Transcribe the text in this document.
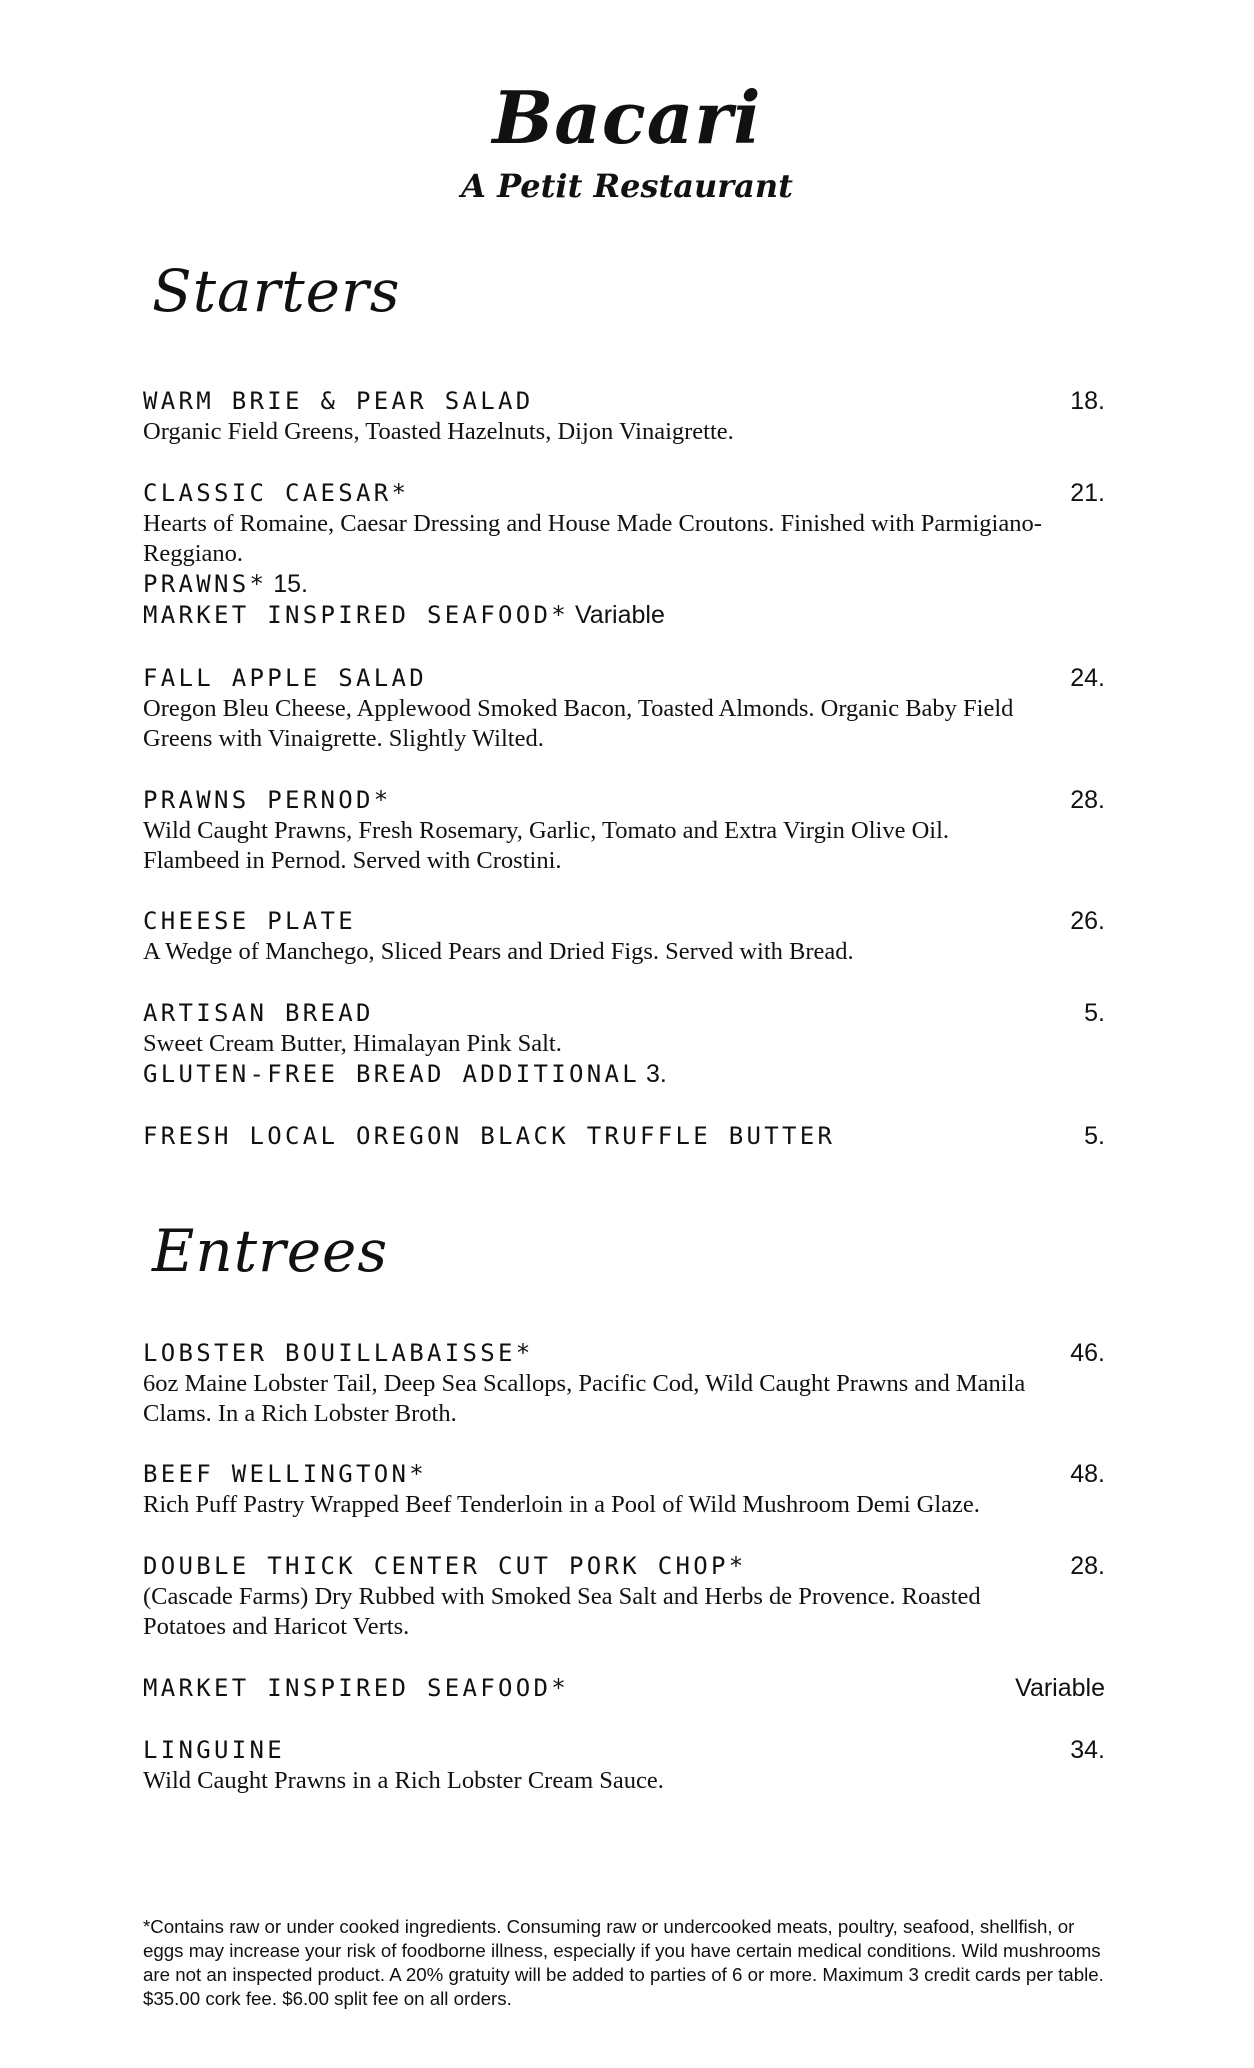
Bacari
A Petit Restaurant
Starters
WARM BRIE & PEAR SALAD	18.
Organic Field Greens, Toasted Hazelnuts, Dijon Vinaigrette.
CLASSIC CAESAR*	21.
Hearts of Romaine, Caesar Dressing and House Made Croutons. Finished with Parmigiano-Reggiano.
PRAWNS* 15.
MARKET INSPIRED SEAFOOD* Variable
FALL APPLE SALAD	24.
Oregon Bleu Cheese, Applewood Smoked Bacon, Toasted Almonds. Organic Baby Field Greens with Vinaigrette. Slightly Wilted.
PRAWNS PERNOD*	28.
Wild Caught Prawns, Fresh Rosemary, Garlic, Tomato and Extra Virgin Olive Oil. Flambeed in Pernod. Served with Crostini.
CHEESE PLATE	26.
A Wedge of Manchego, Sliced Pears and Dried Figs. Served with Bread.
ARTISAN BREAD	5.
Sweet Cream Butter, Himalayan Pink Salt.
GLUTEN-FREE BREAD ADDITIONAL 3.
FRESH LOCAL OREGON BLACK TRUFFLE BUTTER	5.
Entrees
LOBSTER BOUILLABAISSE*	46.
6oz Maine Lobster Tail, Deep Sea Scallops, Pacific Cod, Wild Caught Prawns and Manila Clams. In a Rich Lobster Broth.
BEEF WELLINGTON*	48.
Rich Puff Pastry Wrapped Beef Tenderloin in a Pool of Wild Mushroom Demi Glaze.
DOUBLE THICK CENTER CUT PORK CHOP*	28.
(Cascade Farms) Dry Rubbed with Smoked Sea Salt and Herbs de Provence. Roasted Potatoes and Haricot Verts.
MARKET INSPIRED SEAFOOD*	Variable
LINGUINE	34.
Wild Caught Prawns in a Rich Lobster Cream Sauce.
*Contains raw or under cooked ingredients. Consuming raw or undercooked meats, poultry, seafood, shellfish, or eggs may increase your risk of foodborne illness, especially if you have certain medical conditions. Wild mushrooms are not an inspected product. A 20% gratuity will be added to parties of 6 or more. Maximum 3 credit cards per table. $35.00 cork fee. $6.00 split fee on all orders.
